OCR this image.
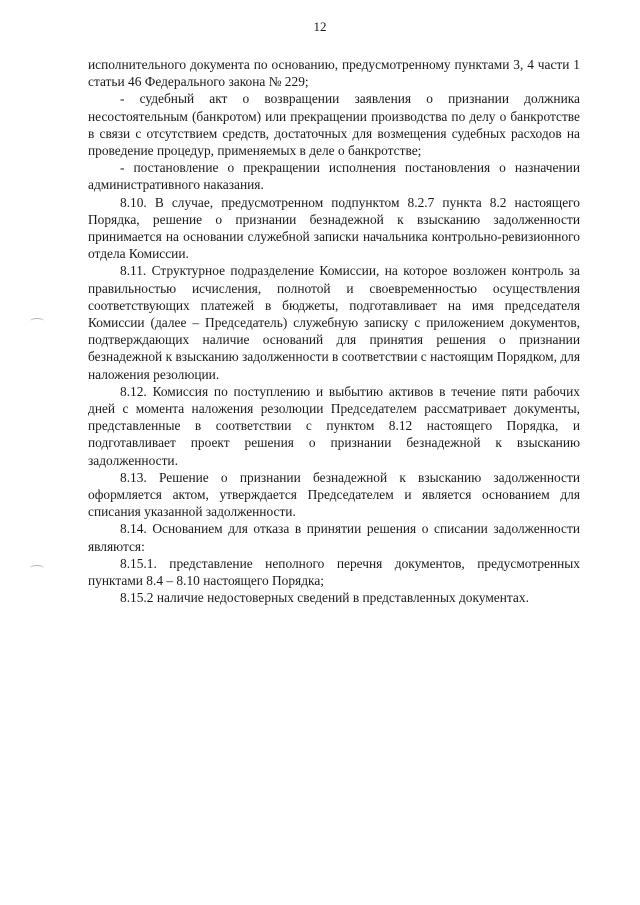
12

исполнительного документа по основанию, предусмотренному пунктами 3, 4 части 1 статьи 46 Федерального закона № 229;

- судебный акт о возвращении заявления о признании должника несостоятельным (банкротом) или прекращении производства по делу о банкротстве в связи с отсутствием средств, достаточных для возмещения судебных расходов на проведение процедур, применяемых в деле о банкротстве;

- постановление о прекращении исполнения постановления о назначении административного наказания.

8.10. В случае, предусмотренном подпунктом 8.2.7 пункта 8.2 настоящего Порядка, решение о признании безнадежной к взысканию задолженности принимается на основании служебной записки начальника контрольно-ревизионного отдела Комиссии.

8.11. Структурное подразделение Комиссии, на которое возложен контроль за правильностью исчисления, полнотой и своевременностью осуществления соответствующих платежей в бюджеты, подготавливает на имя председателя Комиссии (далее – Председатель) служебную записку с приложением документов, подтверждающих наличие оснований для принятия решения о признании безнадежной к взысканию задолженности в соответствии с настоящим Порядком, для наложения резолюции.

8.12. Комиссия по поступлению и выбытию активов в течение пяти рабочих дней с момента наложения резолюции Председателем рассматривает документы, представленные в соответствии с пунктом 8.12 настоящего Порядка, и подготавливает проект решения о признании безнадежной к взысканию задолженности.

8.13. Решение о признании безнадежной к взысканию задолженности оформляется актом, утверждается Председателем и является основанием для списания указанной задолженности.

8.14. Основанием для отказа в принятии решения о списании задолженности являются:

8.15.1. представление неполного перечня документов, предусмотренных пунктами 8.4 – 8.10 настоящего Порядка;

8.15.2 наличие недостоверных сведений в представленных документах.
